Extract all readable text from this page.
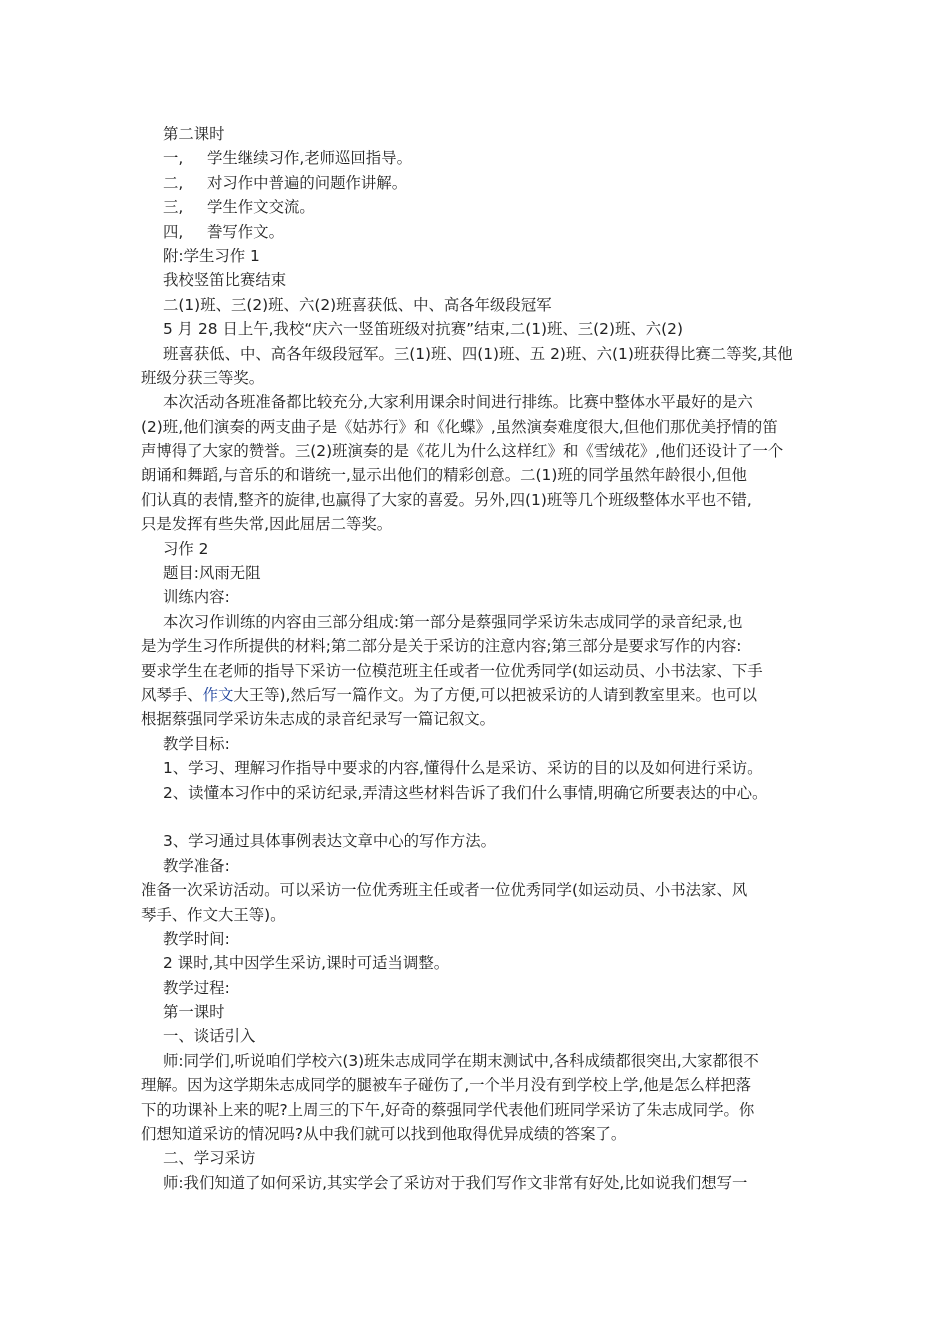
第二课时
一, 学生继续习作,老师巡回指导。
二, 对习作中普遍的问题作讲解。
三, 学生作文交流。
四, 誊写作文。
附:学生习作 1
我校竖笛比赛结束
二(1)班、三(2)班、六(2)班喜获低、中、高各年级段冠军
5 月 28 日上午,我校“庆六一竖笛班级对抗赛”结束,二(1)班、三(2)班、六(2)
班喜获低、中、高各年级段冠军。三(1)班、四(1)班、五 2)班、六(1)班获得比赛二等奖,其他
班级分获三等奖。
本次活动各班准备都比较充分,大家利用课余时间进行排练。比赛中整体水平最好的是六
(2)班,他们演奏的两支曲子是《姑苏行》和《化蝶》,虽然演奏难度很大,但他们那优美抒情的笛
声博得了大家的赞誉。三(2)班演奏的是《花儿为什么这样红》和《雪绒花》,他们还设计了一个
朗诵和舞蹈,与音乐的和谐统一,显示出他们的精彩创意。二(1)班的同学虽然年龄很小,但他
们认真的表情,整齐的旋律,也赢得了大家的喜爱。另外,四(1)班等几个班级整体水平也不错,
只是发挥有些失常,因此屈居二等奖。
习作 2
题目:风雨无阻
训练内容:
本次习作训练的内容由三部分组成:第一部分是蔡强同学采访朱志成同学的录音纪录,也
是为学生习作所提供的材料;第二部分是关于采访的注意内容;第三部分是要求写作的内容:
要求学生在老师的指导下采访一位模范班主任或者一位优秀同学(如运动员、小书法家、下手
风琴手、作文大王等),然后写一篇作文。为了方便,可以把被采访的人请到教室里来。也可以
根据蔡强同学采访朱志成的录音纪录写一篇记叙文。
教学目标:
1、学习、理解习作指导中要求的内容,懂得什么是采访、采访的目的以及如何进行采访。
2、读懂本习作中的采访纪录,弄清这些材料告诉了我们什么事情,明确它所要表达的中心。
3、学习通过具体事例表达文章中心的写作方法。
教学准备:
准备一次采访活动。可以采访一位优秀班主任或者一位优秀同学(如运动员、小书法家、风
琴手、作文大王等)。
教学时间:
2 课时,其中因学生采访,课时可适当调整。
教学过程:
第一课时
一、谈话引入
师:同学们,听说咱们学校六(3)班朱志成同学在期末测试中,各科成绩都很突出,大家都很不
理解。因为这学期朱志成同学的腿被车子碰伤了,一个半月没有到学校上学,他是怎么样把落
下的功课补上来的呢?上周三的下午,好奇的蔡强同学代表他们班同学采访了朱志成同学。你
们想知道采访的情况吗?从中我们就可以找到他取得优异成绩的答案了。
二、学习采访
师:我们知道了如何采访,其实学会了采访对于我们写作文非常有好处,比如说我们想写一
